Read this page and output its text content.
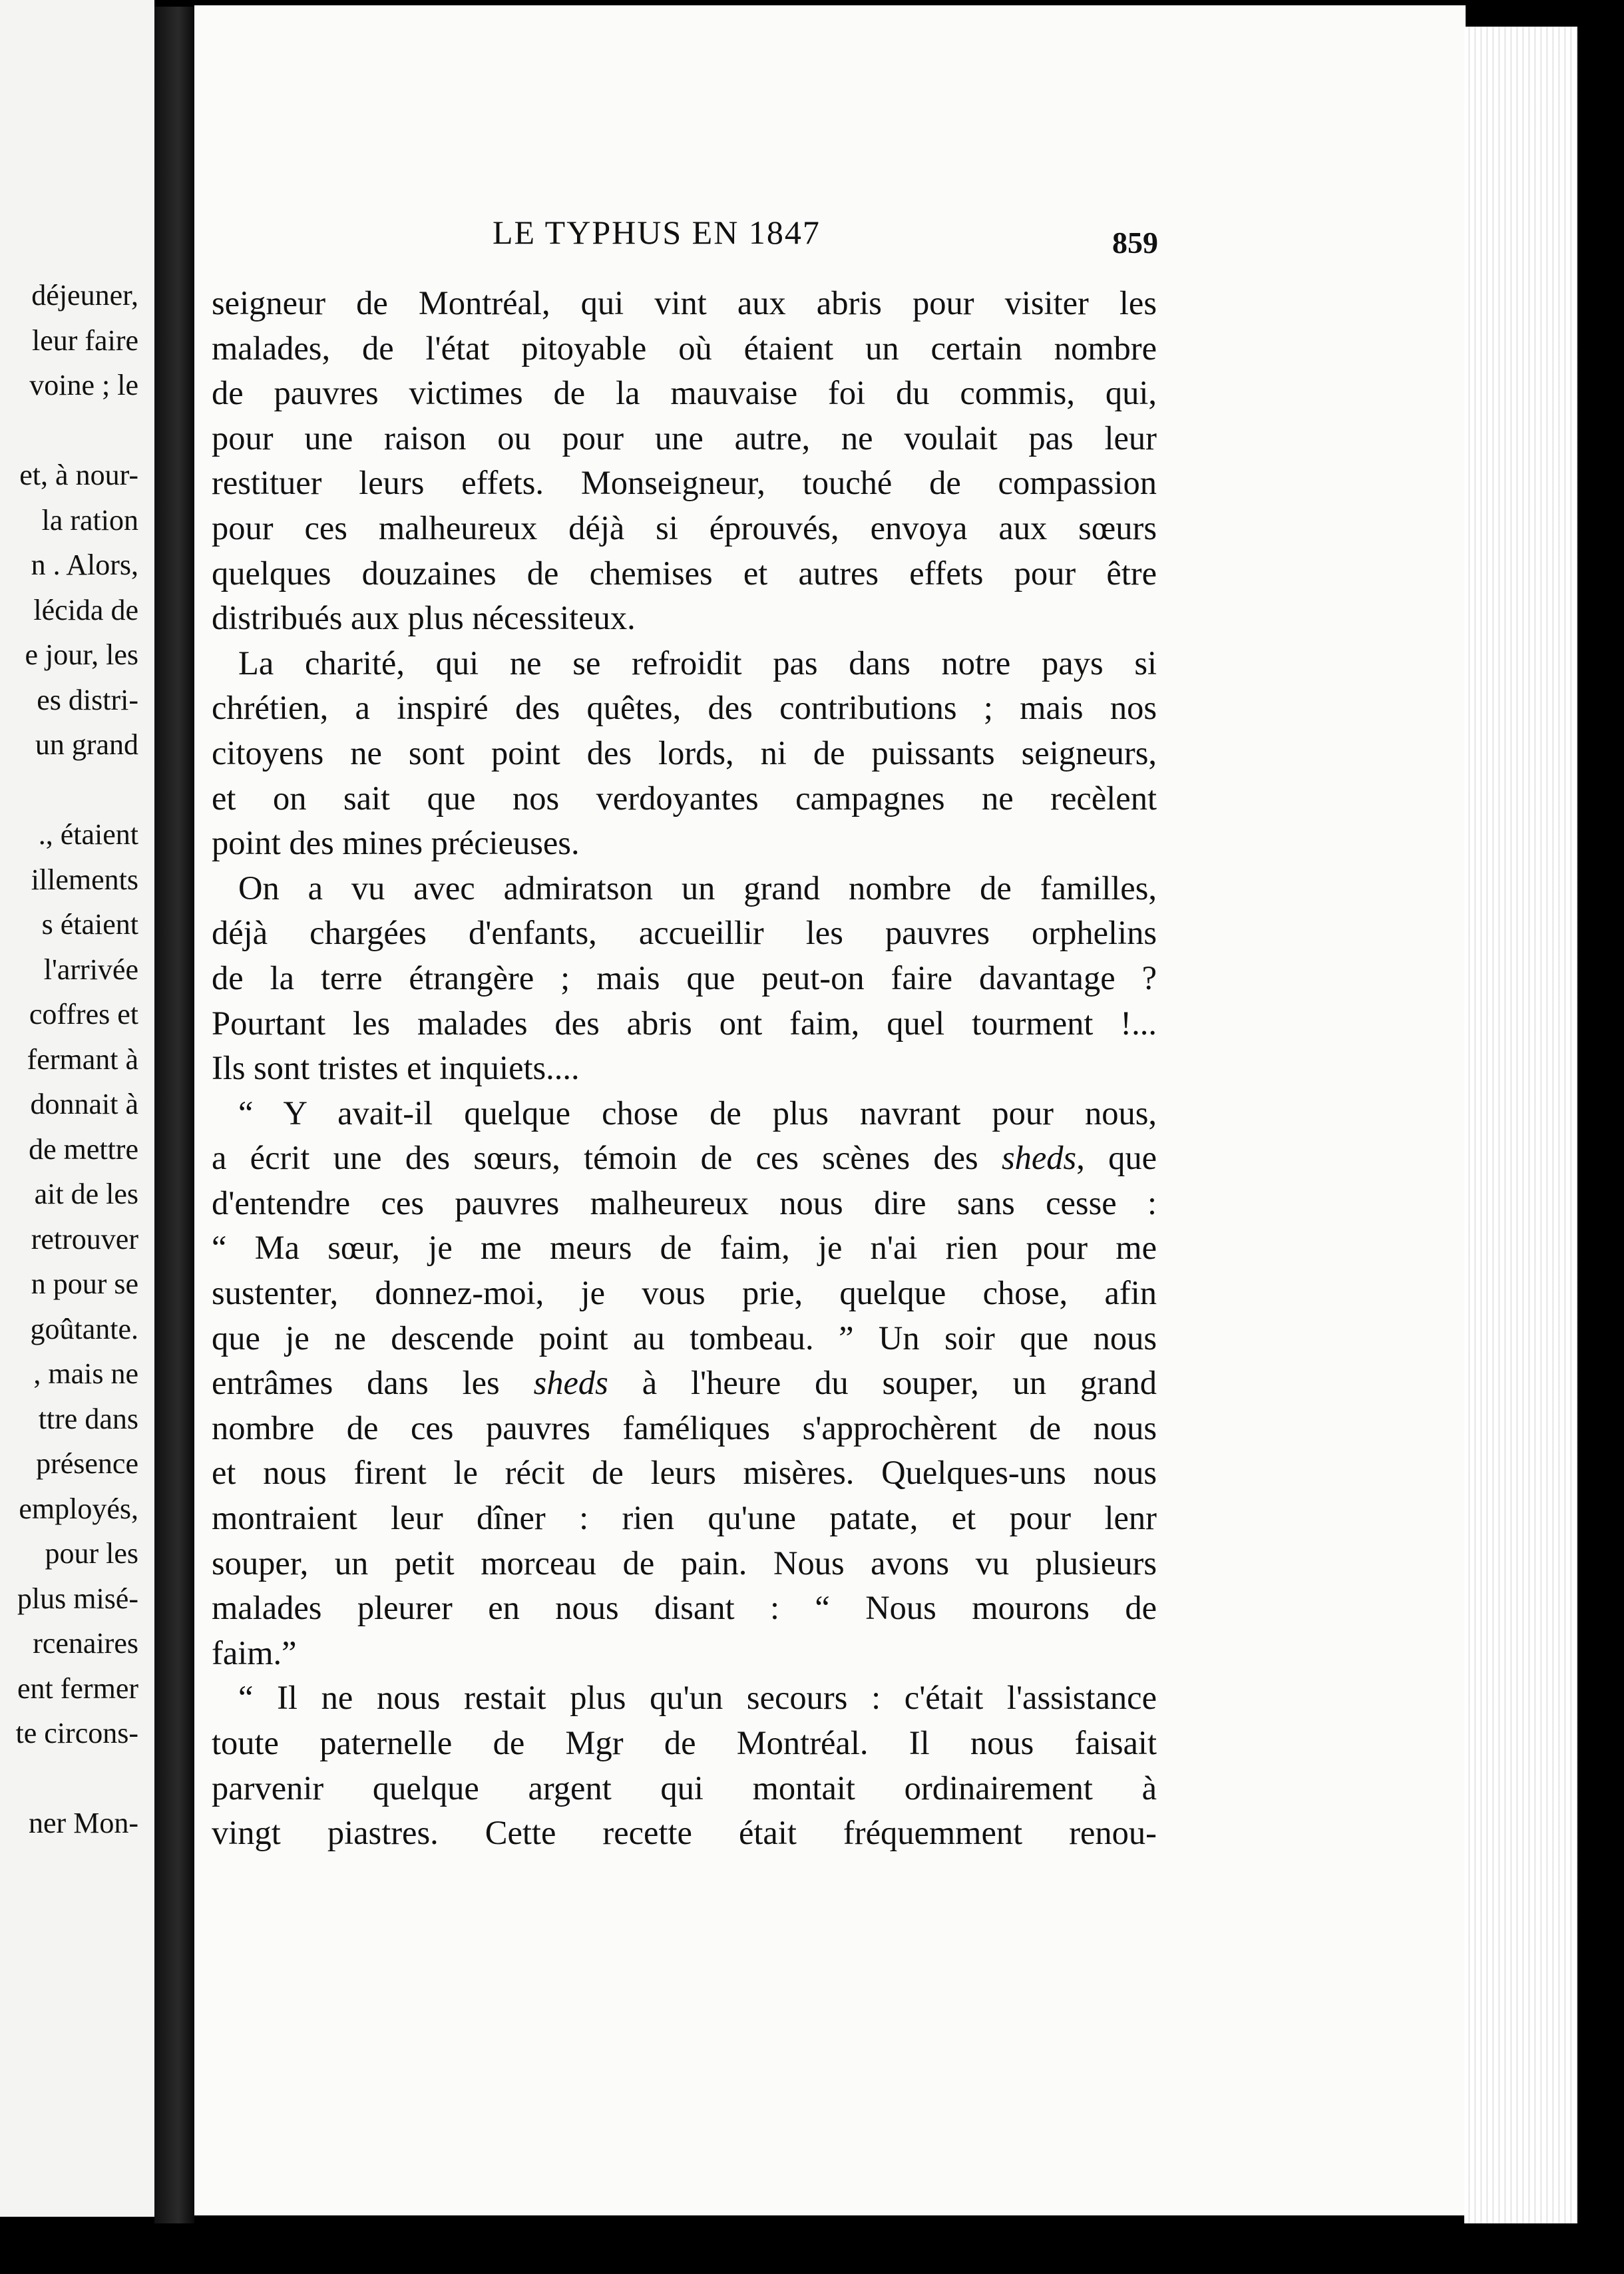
déjeuner,
leur faire
voine ; le
et, à nour-
la ration
n . Alors,
lécida de
e jour, les
es distri-
un grand
., étaient
illements
s étaient
l'arrivée
coffres et
fermant à
donnait à
de mettre
ait de les
retrouver
n pour se
goûtante.
, mais ne
ttre dans
présence
employés,
pour les
plus misé-
rcenaires
ent fermer
te circons-
ner Mon-
LE TYPHUS EN 1847	859
seigneur de Montréal, qui vint aux abris pour visiter les
malades, de l'état pitoyable où étaient un certain nombre
de pauvres victimes de la mauvaise foi du commis, qui,
pour une raison ou pour une autre, ne voulait pas leur
restituer leurs effets. Monseigneur, touché de compassion
pour ces malheureux déjà si éprouvés, envoya aux sœurs
quelques douzaines de chemises et autres effets pour être
distribués aux plus nécessiteux.
La charité, qui ne se refroidit pas dans notre pays si
chrétien, a inspiré des quêtes, des contributions ; mais nos
citoyens ne sont point des lords, ni de puissants seigneurs,
et on sait que nos verdoyantes campagnes ne recèlent
point des mines précieuses.
On a vu avec admiratson un grand nombre de familles,
déjà chargées d'enfants, accueillir les pauvres orphelins
de la terre étrangère ; mais que peut-on faire davantage ?
Pourtant les malades des abris ont faim, quel tourment !...
Ils sont tristes et inquiets....
“ Y avait-il quelque chose de plus navrant pour nous,
a écrit une des sœurs, témoin de ces scènes des sheds, que
d'entendre ces pauvres malheureux nous dire sans cesse :
“ Ma sœur, je me meurs de faim, je n'ai rien pour me
sustenter, donnez-moi, je vous prie, quelque chose, afin
que je ne descende point au tombeau. ” Un soir que nous
entrâmes dans les sheds à l'heure du souper, un grand
nombre de ces pauvres faméliques s'approchèrent de nous
et nous firent le récit de leurs misères. Quelques-uns nous
montraient leur dîner : rien qu'une patate, et pour lenr
souper, un petit morceau de pain. Nous avons vu plusieurs
malades pleurer en nous disant : “ Nous mourons de
faim.”
“ Il ne nous restait plus qu'un secours : c'était l'assistance
toute paternelle de Mgr de Montréal. Il nous faisait
parvenir quelque argent qui montait ordinairement à
vingt piastres. Cette recette était fréquemment renou-
